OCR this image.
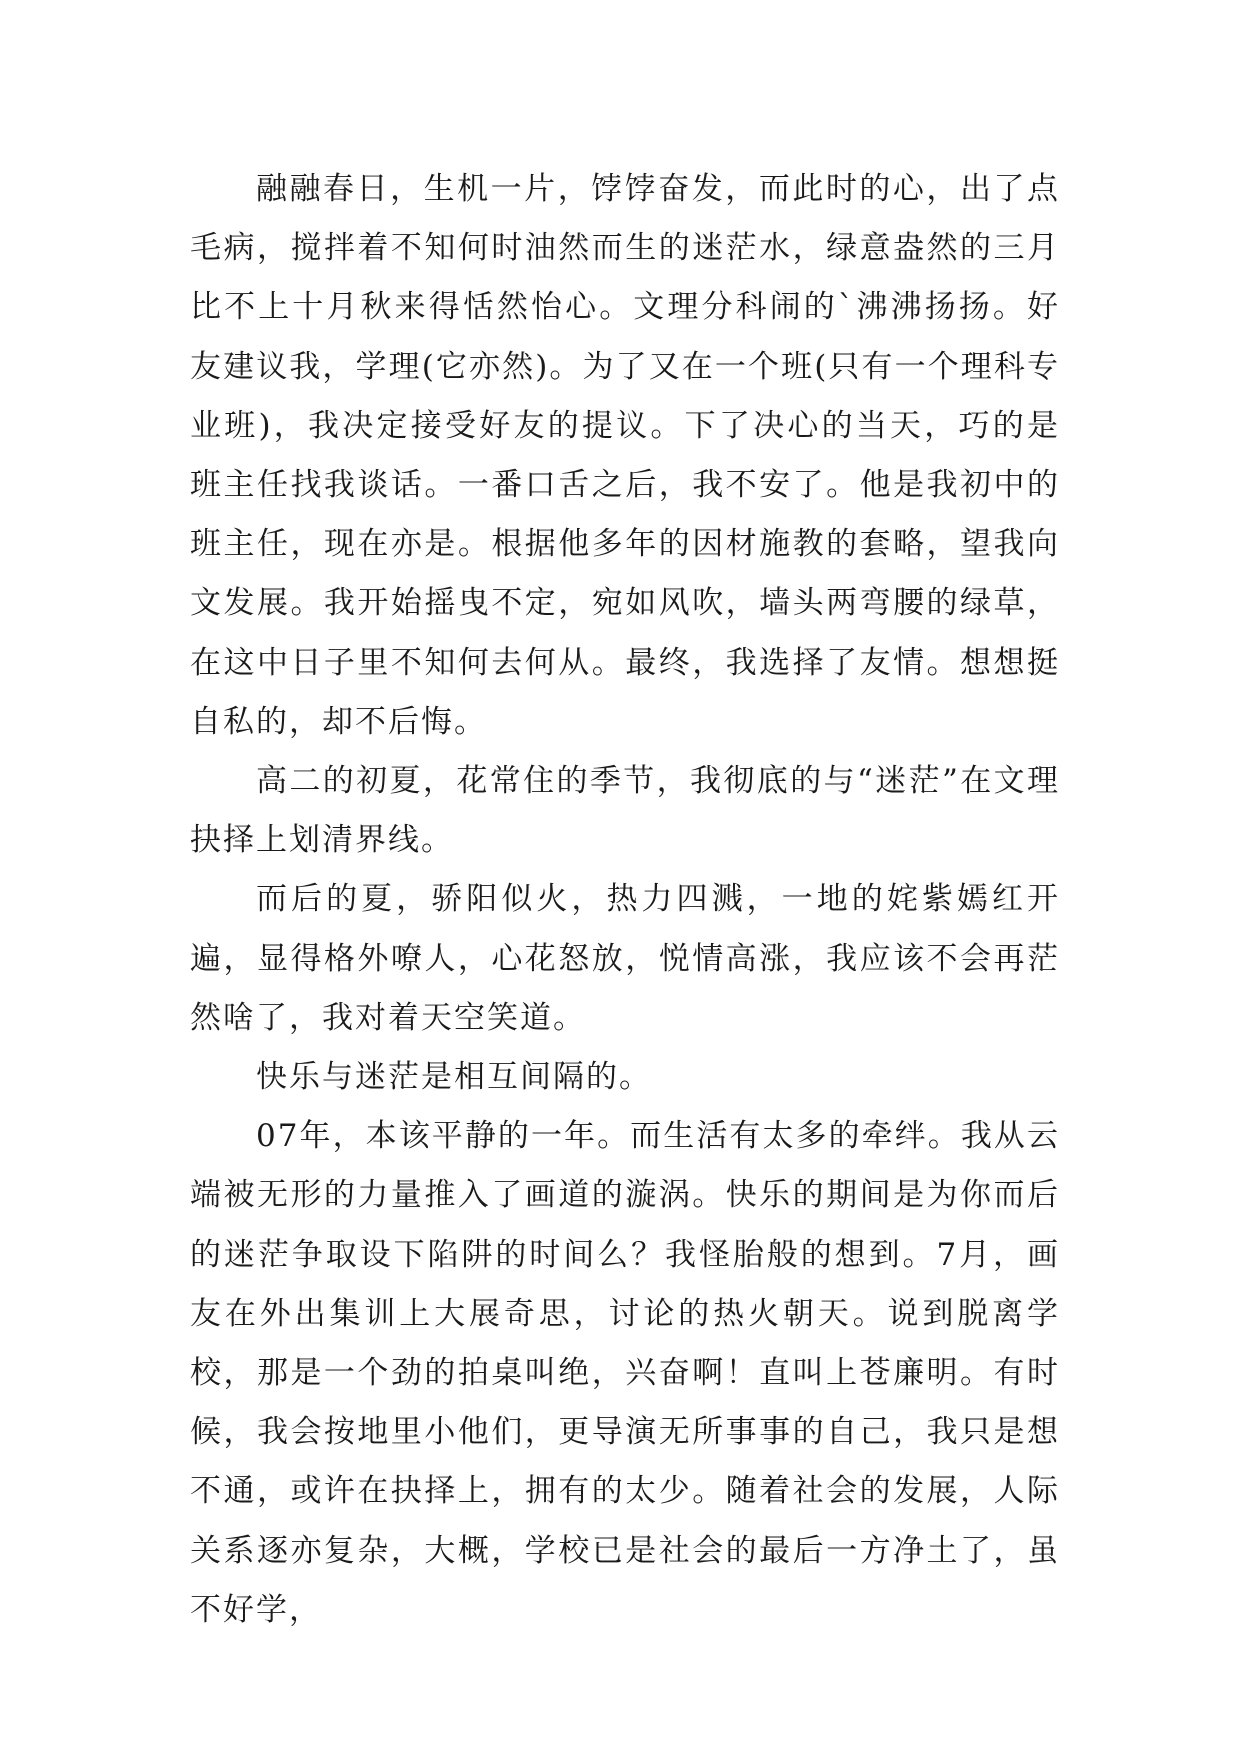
融融春日，生机一片，饽饽奋发，而此时的心，出了点毛病，搅拌着不知何时油然而生的迷茫水，绿意盎然的三月比不上十月秋来得恬然怡心。文理分科闹的`沸沸扬扬。好友建议我，学理(它亦然)。为了又在一个班(只有一个理科专业班)，我决定接受好友的提议。下了决心的当天，巧的是班主任找我谈话。一番口舌之后，我不安了。他是我初中的班主任，现在亦是。根据他多年的因材施教的套略，望我向文发展。我开始摇曳不定，宛如风吹，墙头两弯腰的绿草，在这中日子里不知何去何从。最终，我选择了友情。想想挺自私的，却不后悔。

高二的初夏，花常住的季节，我彻底的与“迷茫”在文理抉择上划清界线。

而后的夏，骄阳似火，热力四溅，一地的姹紫嫣红开遍，显得格外嘹人，心花怒放，悦情高涨，我应该不会再茫然啥了，我对着天空笑道。

快乐与迷茫是相互间隔的。

07年，本该平静的一年。而生活有太多的牵绊。我从云端被无形的力量推入了画道的漩涡。快乐的期间是为你而后的迷茫争取设下陷阱的时间么？我怪胎般的想到。7月，画友在外出集训上大展奇思，讨论的热火朝天。说到脱离学校，那是一个劲的拍桌叫绝，兴奋啊！直叫上苍廉明。有时候，我会按地里小他们，更导演无所事事的自己，我只是想不通，或许在抉择上，拥有的太少。随着社会的发展，人际关系逐亦复杂，大概，学校已是社会的最后一方净土了，虽不好学，
